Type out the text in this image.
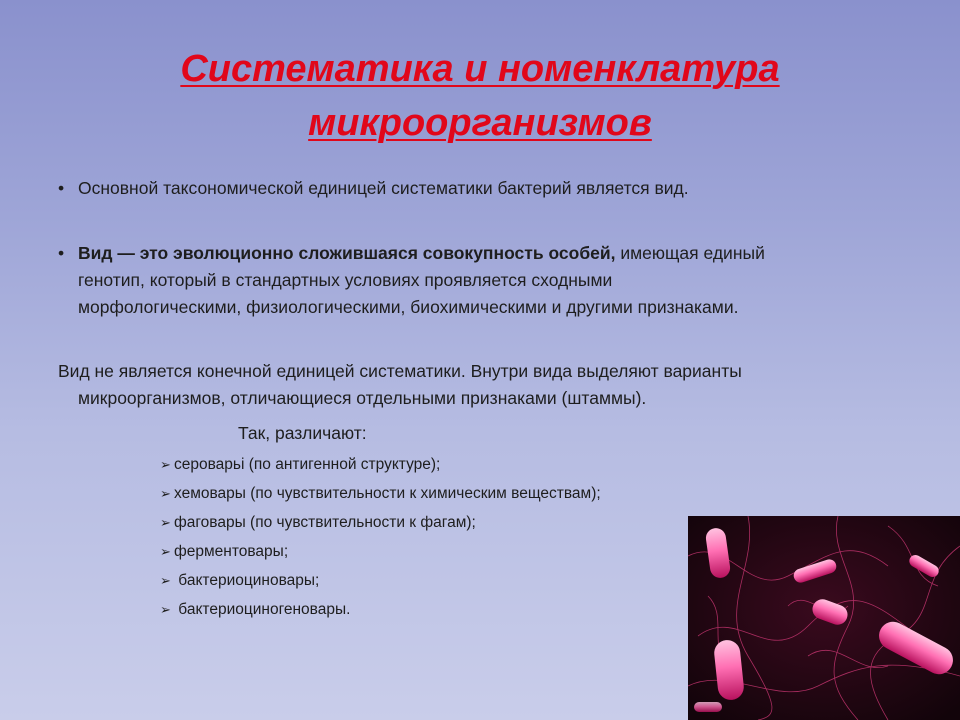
Систематика и номенклатура
микроорганизмов
• Основной таксономической единицей систематики бактерий является вид.
• Вид — это эволюционно сложившаяся совокупность особей, имеющая единый
генотип, который в стандартных условиях проявляется сходными
морфологическими, физиологическими, биохимическими и другими признаками.
Вид не является конечной единицей систематики. Внутри вида выделяют варианты
микроорганизмов, отличающиеся отдельными признаками (штаммы).
Так, различают:
➢ сероварьі (по антигенной структуре);
➢ хемовары (по чувствительности к химическим веществам);
➢ фаговары (по чувствительности к фагам);
➢ ферментовары;
➢ бактериоциновары;
➢ бактериоциногеновары.
